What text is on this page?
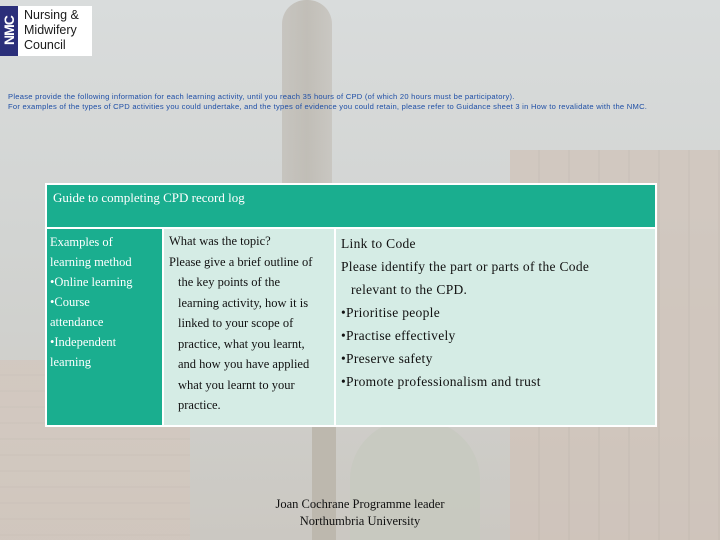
NMC
Nursing &
Midwifery
Council

Please provide the following information for each learning activity, until you reach 35 hours of CPD (of which 20 hours must be participatory).

For examples of the types of CPD activities you could undertake, and the types of evidence you could retain, please refer to Guidance sheet 3 in How to revalidate with the NMC.

Guide to completing CPD record log
Examples of
learning method
•Online learning
•Course
attendance
•Independent
learning
What was the topic?
Please give a brief outline of
the key points of the
learning activity, how it is
linked to your scope of
practice, what you learnt,
and how you have applied
what you learnt to your
practice.
Link to Code
Please identify the part or parts of the Code
relevant to the CPD.
•Prioritise people
•Practise effectively
•Preserve safety
•Promote professionalism and trust
Joan Cochrane Programme leader
Northumbria University
